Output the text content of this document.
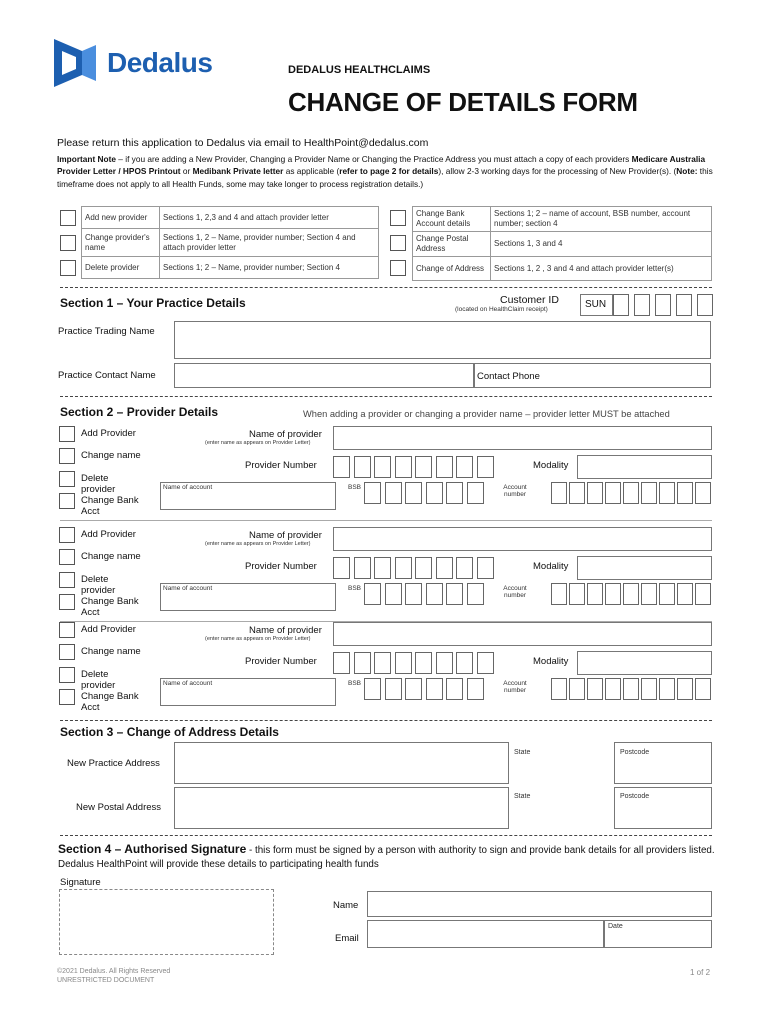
Dedalus	DEDALUS HEALTHCLAIMS
CHANGE OF DETAILS FORM
Please return this application to Dedalus via email to HealthPoint@dedalus.com
Important Note – if you are adding a New Provider, Changing a Provider Name or Changing the Practice Address you must attach a copy of each providers Medicare Australia Provider Letter / HPOS Printout or Medibank Private letter as applicable (refer to page 2 for details), allow 2-3 working days for the processing of New Provider(s). (Note: this timeframe does not apply to all Health Funds, some may take longer to process registration details.)
Add new provider	Sections 1, 2,3 and 4 and attach provider letter
Change provider's name	Sections 1, 2 – Name, provider number; Section 4 and attach provider letter
Delete provider	Sections 1; 2 – Name, provider number; Section 4
Change Bank Account details	Sections 1; 2 – name of account, BSB number, account number; section 4
Change Postal Address	Sections 1, 3 and 4
Change of Address	Sections 1, 2 , 3 and 4 and attach provider letter(s)
Section 1 – Your Practice Details	Customer ID
(located on HealthClaim receipt)	SUN
Practice Trading Name
Practice Contact Name	Contact Phone
Section 2 – Provider Details	When adding a provider or changing a provider name – provider letter MUST be attached
Section 3 – Change of Address Details
New Practice Address
State	Postcode
New Postal Address
State	Postcode
Section 4 – Authorised Signature - this form must be signed by a person with authority to sign and provide bank details for all providers listed. Dedalus HealthPoint will provide these details to participating health funds
Signature
Name
Email
Date
©2021 Dedalus. All Rights Reserved
UNRESTRICTED DOCUMENT
1 of 2
Add Provider
Change name
Delete provider
Change Bank Acct
Name of provider
(enter name as appears on Provider Letter)
Provider Number	Modality
Name of account	BSB	Account number
Add Provider
Change name
Delete provider
Change Bank Acct
Name of provider
(enter name as appears on Provider Letter)
Provider Number	Modality
Name of account	BSB	Account number
Add Provider
Change name
Delete provider
Change Bank Acct
Name of provider
(enter name as appears on Provider Letter)
Provider Number	Modality
Name of account	BSB	Account number
